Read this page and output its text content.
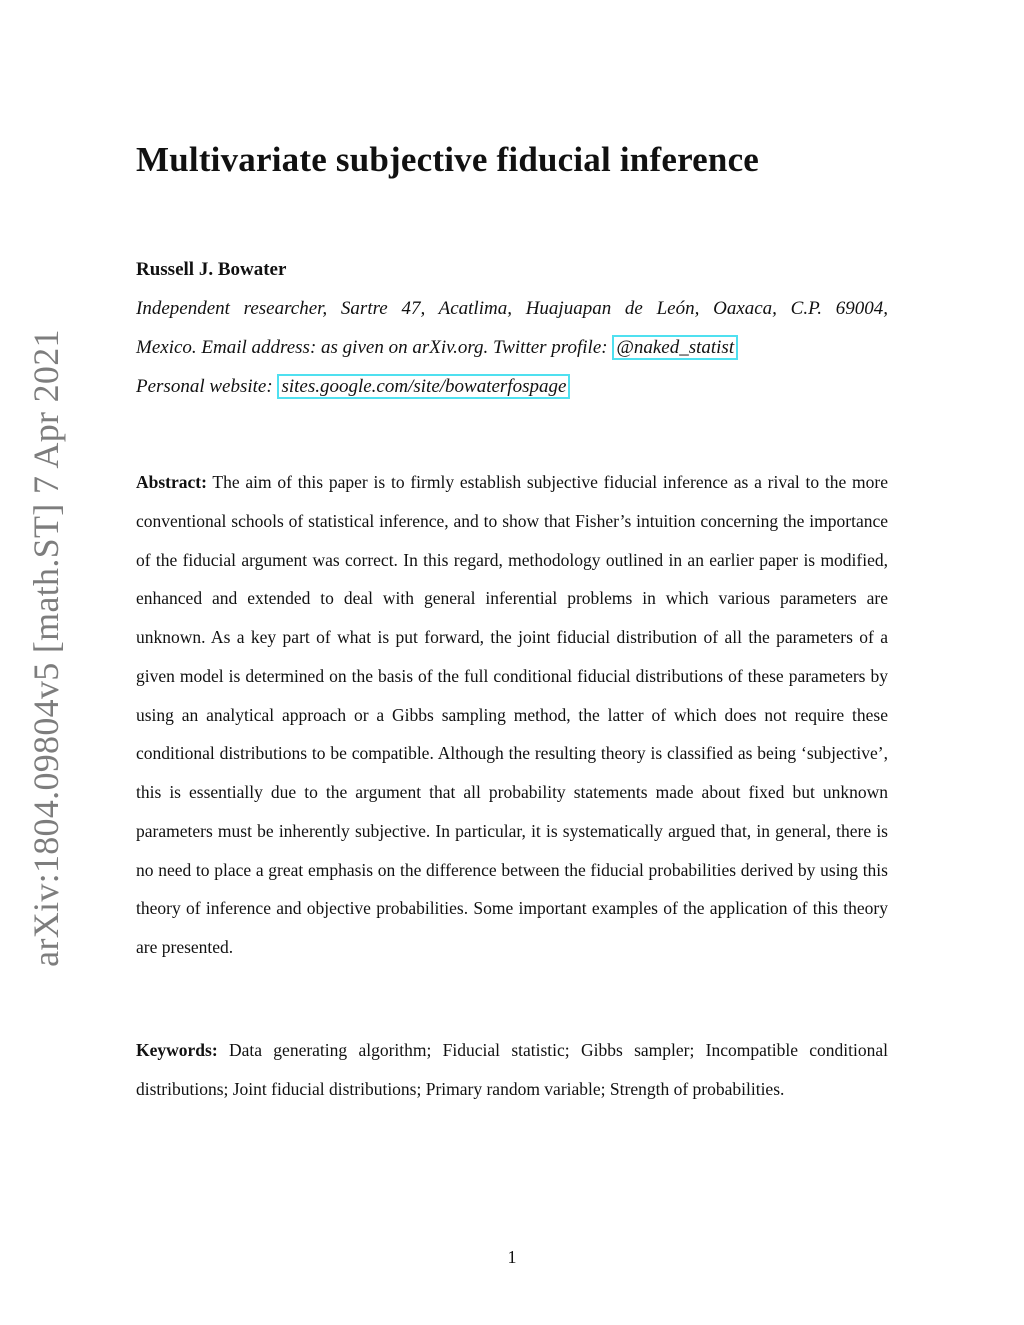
arXiv:1804.09804v5 [math.ST] 7 Apr 2021
Multivariate subjective fiducial inference
Russell J. Bowater
Independent researcher, Sartre 47, Acatlima, Huajuapan de León, Oaxaca, C.P. 69004,
Mexico. Email address: as given on arXiv.org. Twitter profile: @naked_statist
Personal website: sites.google.com/site/bowaterfospage

Abstract: The aim of this paper is to firmly establish subjective fiducial inference as a rival to the more conventional schools of statistical inference, and to show that Fisher’s intuition concerning the importance of the fiducial argument was correct. In this regard, methodology outlined in an earlier paper is modified, enhanced and extended to deal with general inferential problems in which various parameters are unknown. As a key part of what is put forward, the joint fiducial distribution of all the parameters of a given model is determined on the basis of the full conditional fiducial distributions of these parameters by using an analytical approach or a Gibbs sampling method, the latter of which does not require these conditional distributions to be compatible. Although the resulting theory is classified as being ‘subjective’, this is essentially due to the argument that all probability statements made about fixed but unknown parameters must be inherently subjective. In particular, it is systematically argued that, in general, there is no need to place a great emphasis on the difference between the fiducial probabilities derived by using this theory of inference and objective probabilities. Some important examples of the application of this theory are presented.

Keywords: Data generating algorithm; Fiducial statistic; Gibbs sampler; Incompatible conditional distributions; Joint fiducial distributions; Primary random variable; Strength of probabilities.

1
